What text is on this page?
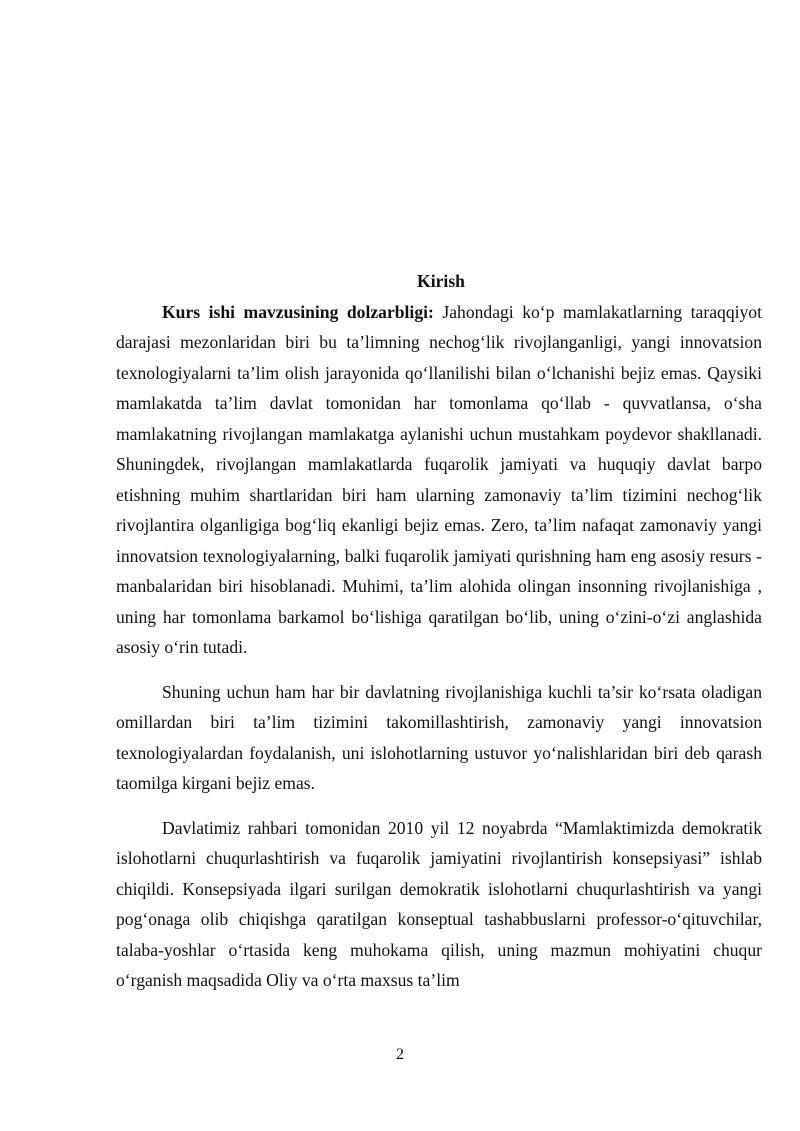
Kirish

Kurs ishi mavzusining dolzarbligi: Jahondagi ko‘p mamlakatlarning taraqqiyot darajasi mezonlaridan biri bu ta’limning nechog‘lik rivojlanganligi, yangi innovatsion texnologiyalarni ta’lim olish jarayonida qo‘llanilishi bilan o‘lchanishi bejiz emas. Qaysiki mamlakatda ta’lim davlat tomonidan har tomonlama qo‘llab - quvvatlansa, o‘sha mamlakatning rivojlangan mamlakatga aylanishi uchun mustahkam poydevor shakllanadi. Shuningdek, rivojlangan mamlakatlarda fuqarolik jamiyati va huquqiy davlat barpo etishning muhim shartlaridan biri ham ularning zamonaviy ta’lim tizimini nechog‘lik rivojlantira olganligiga bog‘liq ekanligi bejiz emas. Zero, ta’lim nafaqat zamonaviy yangi innovatsion texnologiyalarning, balki fuqarolik jamiyati qurishning ham eng asosiy resurs - manbalaridan biri hisoblanadi. Muhimi, ta’lim alohida olingan insonning rivojlanishiga , uning har tomonlama barkamol bo‘lishiga qaratilgan bo‘lib, uning o‘zini-o‘zi anglashida asosiy o‘rin tutadi.

Shuning uchun ham har bir davlatning rivojlanishiga kuchli ta’sir ko‘rsata oladigan omillardan biri ta’lim tizimini takomillashtirish, zamonaviy yangi innovatsion texnologiyalardan foydalanish, uni islohotlarning ustuvor yo‘nalishlaridan biri deb qarash taomilga kirgani bejiz emas.

Davlatimiz rahbari tomonidan 2010 yil 12 noyabrda “Mamlaktimizda demokratik islohotlarni chuqurlashtirish va fuqarolik jamiyatini rivojlantirish konsepsiyasi” ishlab chiqildi. Konsepsiyada ilgari surilgan demokratik islohotlarni chuqurlashtirish va yangi pog‘onaga olib chiqishga qaratilgan konseptual tashabbuslarni professor-o‘qituvchilar, talaba-yoshlar o‘rtasida keng muhokama qilish, uning mazmun mohiyatini chuqur o‘rganish maqsadida Oliy va o‘rta maxsus ta’lim

2
